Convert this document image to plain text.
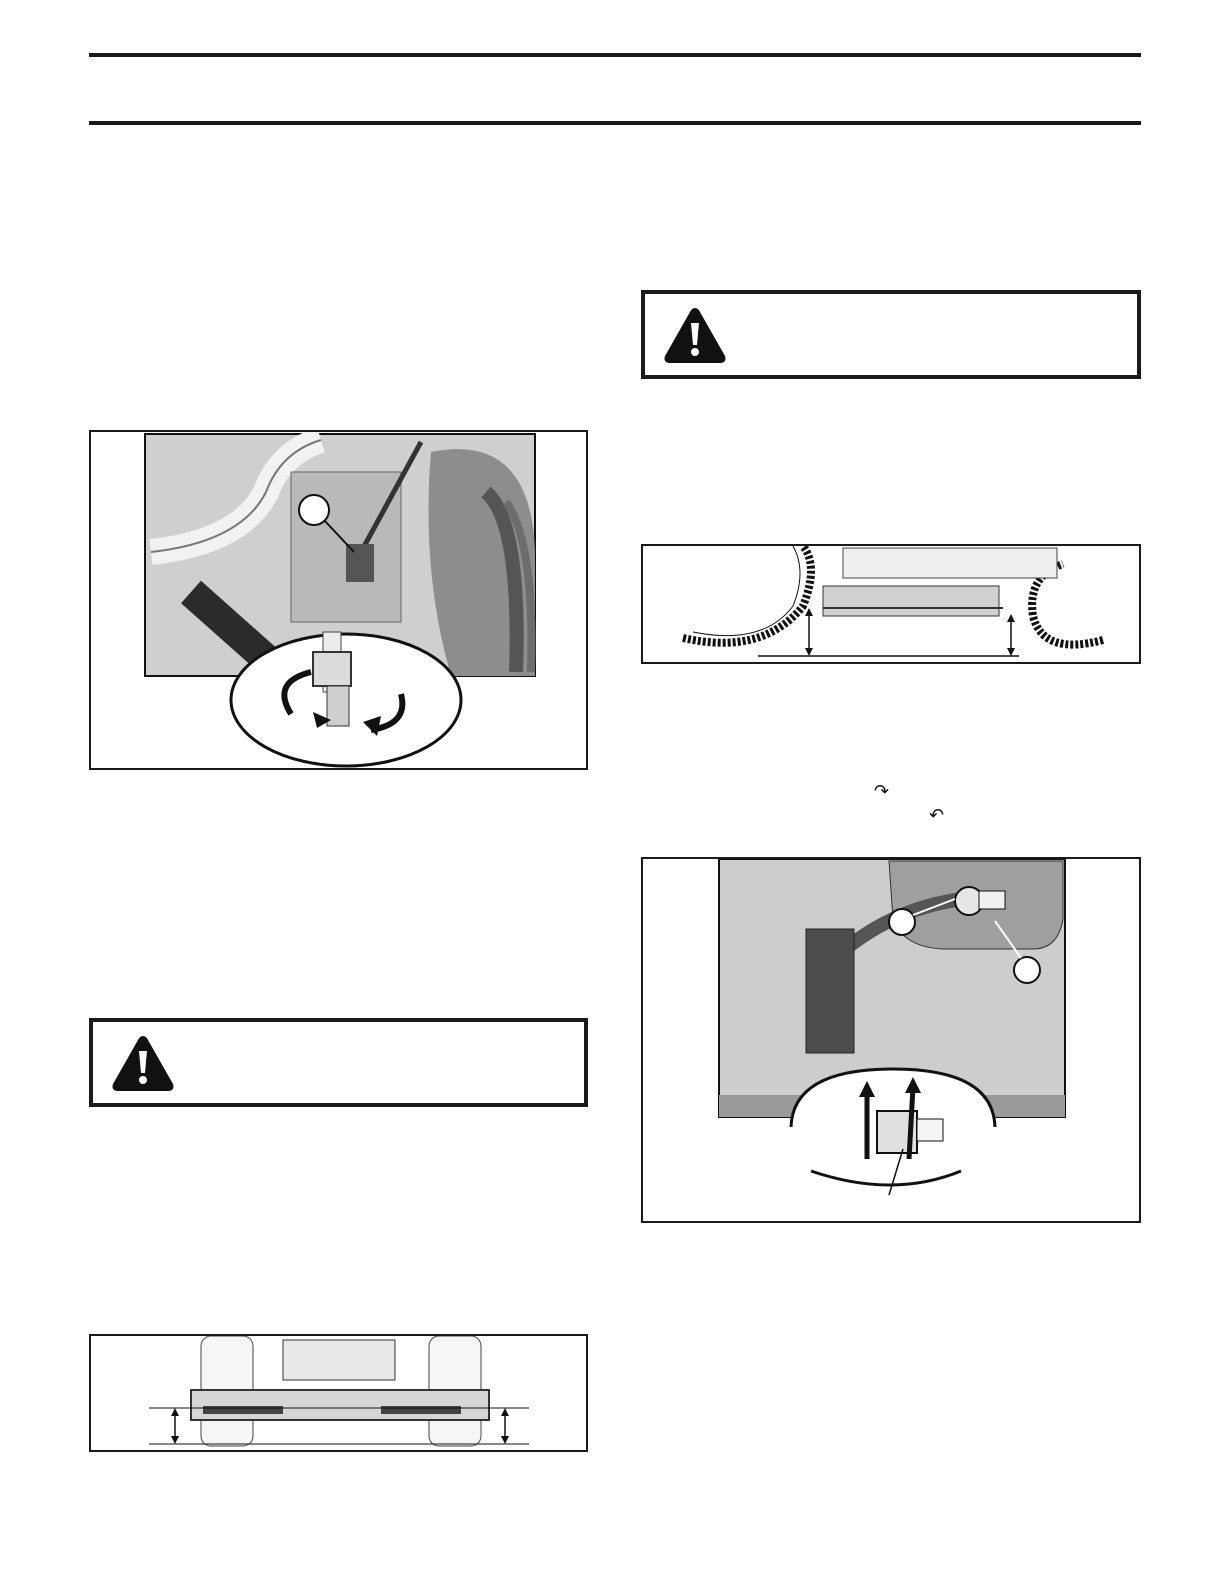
↷
↶
